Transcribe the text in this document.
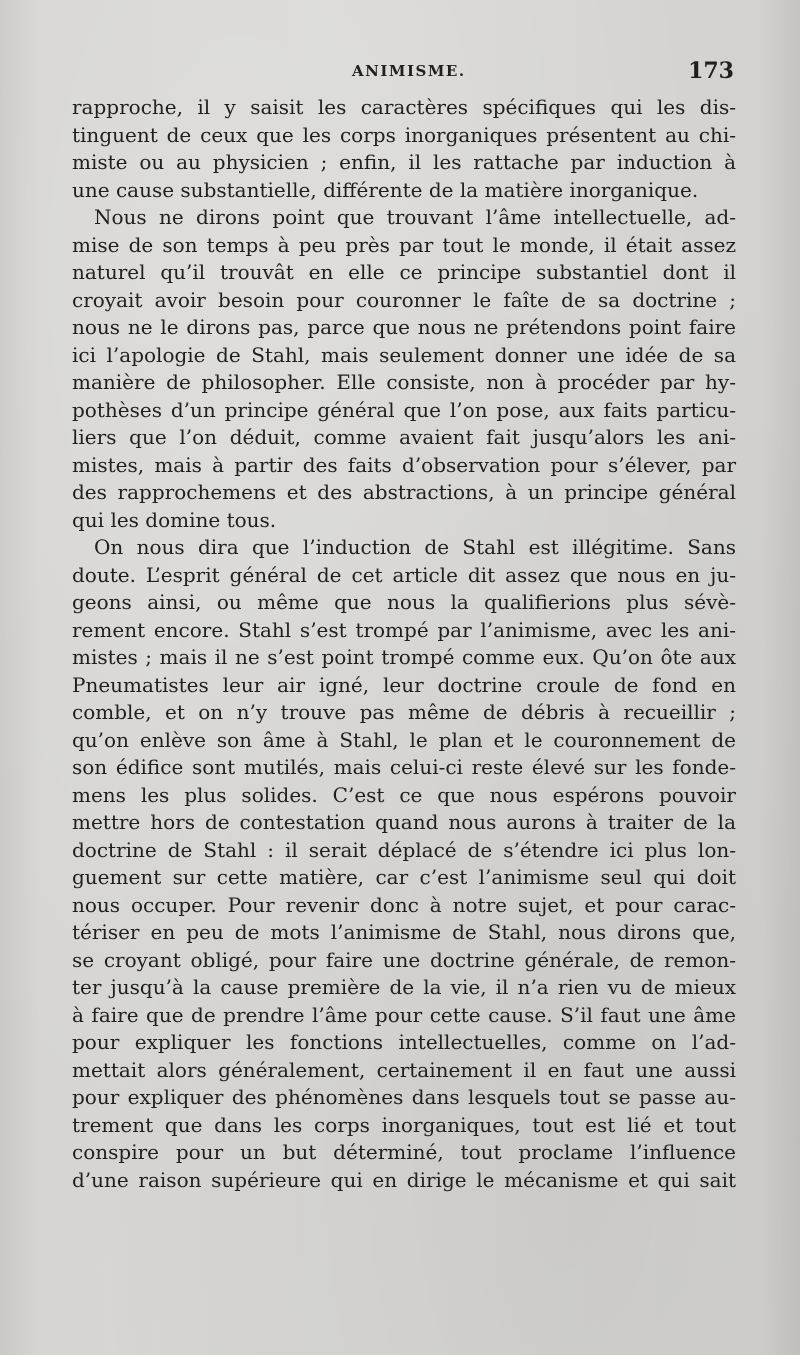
ANIMISME.	173
rapproche, il y saisit les caractères spécifiques qui les dis-
tinguent de ceux que les corps inorganiques présentent au chi-
miste ou au physicien ; enfin, il les rattache par induction à
une cause substantielle, différente de la matière inorganique.
Nous ne dirons point que trouvant l’âme intellectuelle, ad-
mise de son temps à peu près par tout le monde, il était assez
naturel qu’il trouvât en elle ce principe substantiel dont il
croyait avoir besoin pour couronner le faîte de sa doctrine ;
nous ne le dirons pas, parce que nous ne prétendons point faire
ici l’apologie de Stahl, mais seulement donner une idée de sa
manière de philosopher. Elle consiste, non à procéder par hy-
pothèses d’un principe général que l’on pose, aux faits particu-
liers que l’on déduit, comme avaient fait jusqu’alors les ani-
mistes, mais à partir des faits d’observation pour s’élever, par
des rapprochemens et des abstractions, à un principe général
qui les domine tous.
On nous dira que l’induction de Stahl est illégitime. Sans
doute. L’esprit général de cet article dit assez que nous en ju-
geons ainsi, ou même que nous la qualifierions plus sévè-
rement encore. Stahl s’est trompé par l’animisme, avec les ani-
mistes ; mais il ne s’est point trompé comme eux. Qu’on ôte aux
Pneumatistes leur air igné, leur doctrine croule de fond en
comble, et on n’y trouve pas même de débris à recueillir ;
qu’on enlève son âme à Stahl, le plan et le couronnement de
son édifice sont mutilés, mais celui-ci reste élevé sur les fonde-
mens les plus solides. C’est ce que nous espérons pouvoir
mettre hors de contestation quand nous aurons à traiter de la
doctrine de Stahl : il serait déplacé de s’étendre ici plus lon-
guement sur cette matière, car c’est l’animisme seul qui doit
nous occuper. Pour revenir donc à notre sujet, et pour carac-
tériser en peu de mots l’animisme de Stahl, nous dirons que,
se croyant obligé, pour faire une doctrine générale, de remon-
ter jusqu’à la cause première de la vie, il n’a rien vu de mieux
à faire que de prendre l’âme pour cette cause. S’il faut une âme
pour expliquer les fonctions intellectuelles, comme on l’ad-
mettait alors généralement, certainement il en faut une aussi
pour expliquer des phénomènes dans lesquels tout se passe au-
trement que dans les corps inorganiques, tout est lié et tout
conspire pour un but déterminé, tout proclame l’influence
d’une raison supérieure qui en dirige le mécanisme et qui sait
